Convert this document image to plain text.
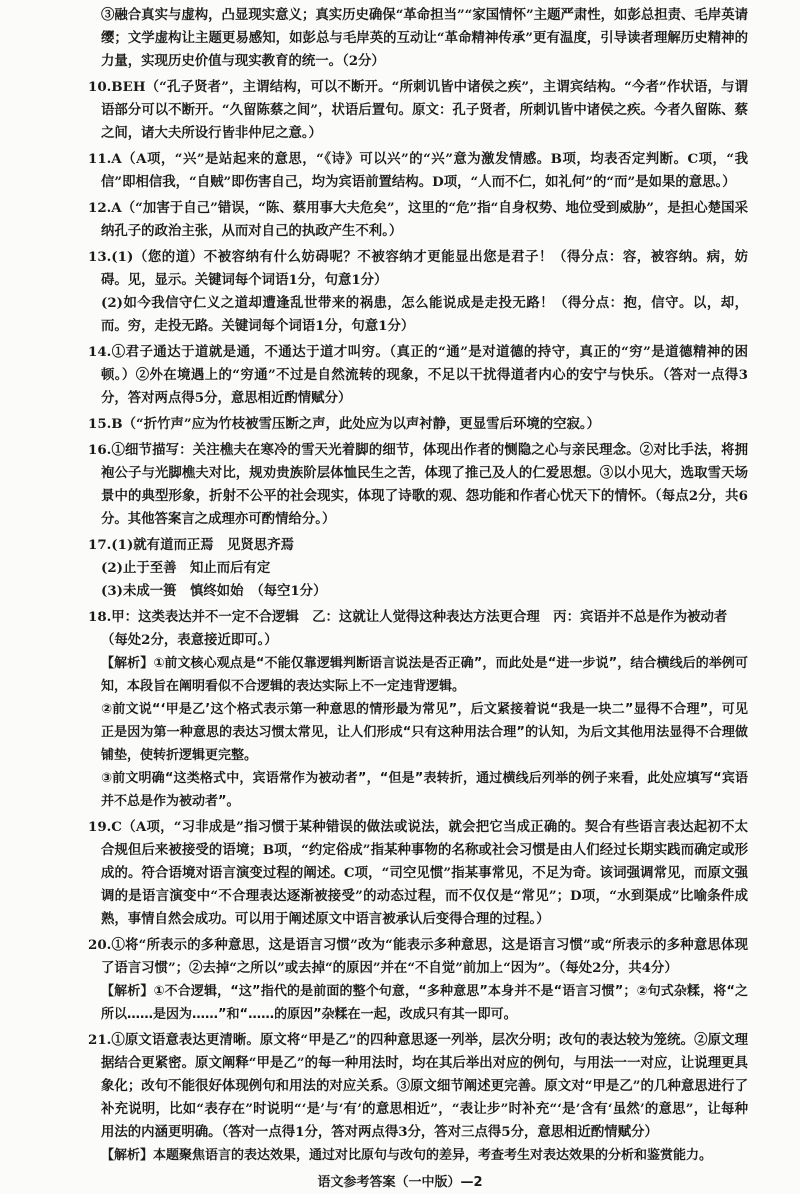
③融合真实与虚构，凸显现实意义；真实历史确保“革命担当”“家国情怀”主题严肃性，如彭总担责、毛岸英请缨；文学虚构让主题更易感知，如彭总与毛岸英的互动让“革命精神传承”更有温度，引导读者理解历史精神的力量，实现历史价值与现实教育的统一。（2分）

10.BEH（“孔子贤者”，主谓结构，可以不断开。“所刺讥皆中诸侯之疾”，主谓宾结构。“今者”作状语，与谓语部分可以不断开。“久留陈蔡之间”，状语后置句。原文：孔子贤者，所刺讥皆中诸侯之疾。今者久留陈、蔡之间，诸大夫所设行皆非仲尼之意。）

11.A（A项，“兴”是站起来的意思，“《诗》可以兴”的“兴”意为激发情感。B项，均表否定判断。C项，“我信”即相信我，“自贼”即伤害自己，均为宾语前置结构。D项，“人而不仁，如礼何”的“而”是如果的意思。）

12.A（“加害于自己”错误，“陈、蔡用事大夫危矣”，这里的“危”指“自身权势、地位受到威胁”，是担心楚国采纳孔子的政治主张，从而对自己的执政产生不利。）

13.(1)（您的道）不被容纳有什么妨碍呢？不被容纳才更能显出您是君子！（得分点：容，被容纳。病，妨碍。见，显示。关键词每个词语1分，句意1分）

(2)如今我信守仁义之道却遭逢乱世带来的祸患，怎么能说成是走投无路！（得分点：抱，信守。以，却，而。穷，走投无路。关键词每个词语1分，句意1分）

14.①君子通达于道就是通，不通达于道才叫穷。（真正的“通”是对道德的持守，真正的“穷”是道德精神的困顿。）②外在境遇上的“穷通”不过是自然流转的现象，不足以干扰得道者内心的安宁与快乐。（答对一点得3分，答对两点得5分，意思相近酌情赋分）

15.B（“折竹声”应为竹枝被雪压断之声，此处应为以声衬静，更显雪后环境的空寂。）

16.①细节描写：关注樵夫在寒冷的雪天光着脚的细节，体现出作者的恻隐之心与亲民理念。②对比手法，将拥袍公子与光脚樵夫对比，规劝贵族阶层体恤民生之苦，体现了推己及人的仁爱思想。③以小见大，选取雪天场景中的典型形象，折射不公平的社会现实，体现了诗歌的观、怨功能和作者心忧天下的情怀。（每点2分，共6分。其他答案言之成理亦可酌情给分。）

17.(1)就有道而正焉　见贤思齐焉

(2)止于至善　知止而后有定

(3)未成一篑　慎终如始　（每空1分）

18.甲：这类表达并不一定不合逻辑　乙：这就让人觉得这种表达方法更合理　丙：宾语并不总是作为被动者

（每处2分，表意接近即可。）

【解析】①前文核心观点是“不能仅靠逻辑判断语言说法是否正确”，而此处是“进一步说”，结合横线后的举例可知，本段旨在阐明看似不合逻辑的表达实际上不一定违背逻辑。

②前文说“‘甲是乙’这个格式表示第一种意思的情形最为常见”，后文紧接着说“我是一块二”显得不合理”，可见正是因为第一种意思的表达习惯太常见，让人们形成“只有这种用法合理”的认知，为后文其他用法显得不合理做铺垫，使转折逻辑更完整。

③前文明确“这类格式中，宾语常作为被动者”，“但是”表转折，通过横线后列举的例子来看，此处应填写“宾语并不总是作为被动者”。

19.C（A项，“习非成是”指习惯于某种错误的做法或说法，就会把它当成正确的。契合有些语言表达起初不太合规但后来被接受的语境；B项，“约定俗成”指某种事物的名称或社会习惯是由人们经过长期实践而确定或形成的。符合语境对语言演变过程的阐述。C项，“司空见惯”指某事常见，不足为奇。该词强调常见，而原文强调的是语言演变中“不合理表达逐渐被接受”的动态过程，而不仅仅是“常见”；D项，“水到渠成”比喻条件成熟，事情自然会成功。可以用于阐述原文中语言被承认后变得合理的过程。）

20.①将“所表示的多种意思，这是语言习惯”改为“能表示多种意思，这是语言习惯”或“所表示的多种意思体现了语言习惯”；②去掉“之所以”或去掉“的原因”并在“不自觉”前加上“因为”。（每处2分，共4分）

【解析】①不合逻辑，“这”指代的是前面的整个句意，“多种意思”本身并不是“语言习惯”；②句式杂糅，将“之所以……是因为……”和“……的原因”杂糅在一起，改成只有其一即可。

21.①原文语意表达更清晰。原文将“甲是乙”的四种意思逐一列举，层次分明；改句的表达较为笼统。②原文理据结合更紧密。原文阐释“甲是乙”的每一种用法时，均在其后举出对应的例句，与用法一一对应，让说理更具象化；改句不能很好体现例句和用法的对应关系。③原文细节阐述更完善。原文对“甲是乙”的几种意思进行了补充说明，比如“表存在”时说明“‘是’与‘有’的意思相近”，“表让步”时补充“‘是’含有‘虽然’的意思”，让每种用法的内涵更明确。（答对一点得1分，答对两点得3分，答对三点得5分，意思相近酌情赋分）

【解析】本题聚焦语言的表达效果，通过对比原句与改句的差异，考查考生对表达效果的分析和鉴赏能力。

语文参考答案（一中版）—2
